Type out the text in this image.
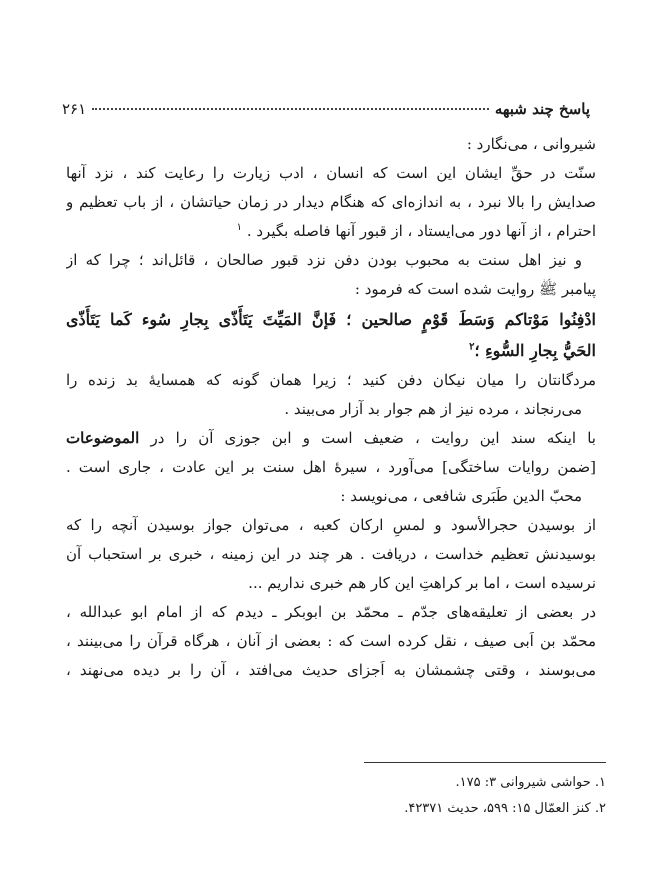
پاسخ چند شبهه
۲۶۱
شیروانی ، می‌نگارد :
سنّت در حقِّ ایشان این است که انسان ، ادب زیارت را رعایت کند ، نزد آنها
صدایش را بالا نبرد ، به اندازه‌ای که هنگام دیدار در زمان حیاتشان ، از باب تعظیم و
احترام ، از آنها دور می‌ایستاد ، از قبور آنها فاصله بگیرد . $^۱$
و نیز اهل سنت به محبوب بودن دفن نزد قبور صالحان ، قائل‌اند ؛ چرا که از
پیامبر ﷺ روایت شده است که فرمود :
ادْفِنُوا مَوْتاكم وَسَطَ قَوْمٍ صالحين ؛ فَإنَّ المَيِّتَ يَتَأَذّى بِجارِ سُوء كَما يَتَأَذّى
الحَيُّ بِجارِ السُّوءِ ؛$^۲$
مردگانتان را میان نیکان دفن کنید ؛ زیرا همان گونه که همسایهٔ بد زنده را
می‌رنجاند ، مرده نیز از هم جوار بد آزار می‌بیند .
با اینکه سند این روایت ، ضعیف است و ابن جوزی آن را در الموضوعات
[ضمن روایات ساختگی] می‌آورد ، سیرهٔ اهل سنت بر این عادت ، جاری است .
محبّ الدین طَبَری شافعی ، می‌نویسد :
از بوسیدن حجرالأسود و لمسِ ارکان کعبه ، می‌توان جواز بوسیدن آنچه را که
بوسیدنش تعظیم خداست ، دریافت . هر چند در این زمینه ، خبری بر استحباب آن
نرسیده است ، اما بر کراهتِ این کار هم خبری نداریم ...
در بعضی از تعلیقه‌های جدّم ـ محمّد بن ابوبکر ـ دیدم که از امام ابو عبدالله ،
محمّد بن اَبی صیف ، نقل کرده است که : بعضی از آنان ، هرگاه قرآن را می‌بینند ،
می‌بوسند ، وقتی چشمشان به اَجزای حدیث می‌افتد ، آن را بر دیده می‌نهند ،
۱. حواشی شیروانی ۳: ۱۷۵.
۲. کنز العمّال ۱۵: ۵۹۹، حدیث ۴۲۳۷۱.
